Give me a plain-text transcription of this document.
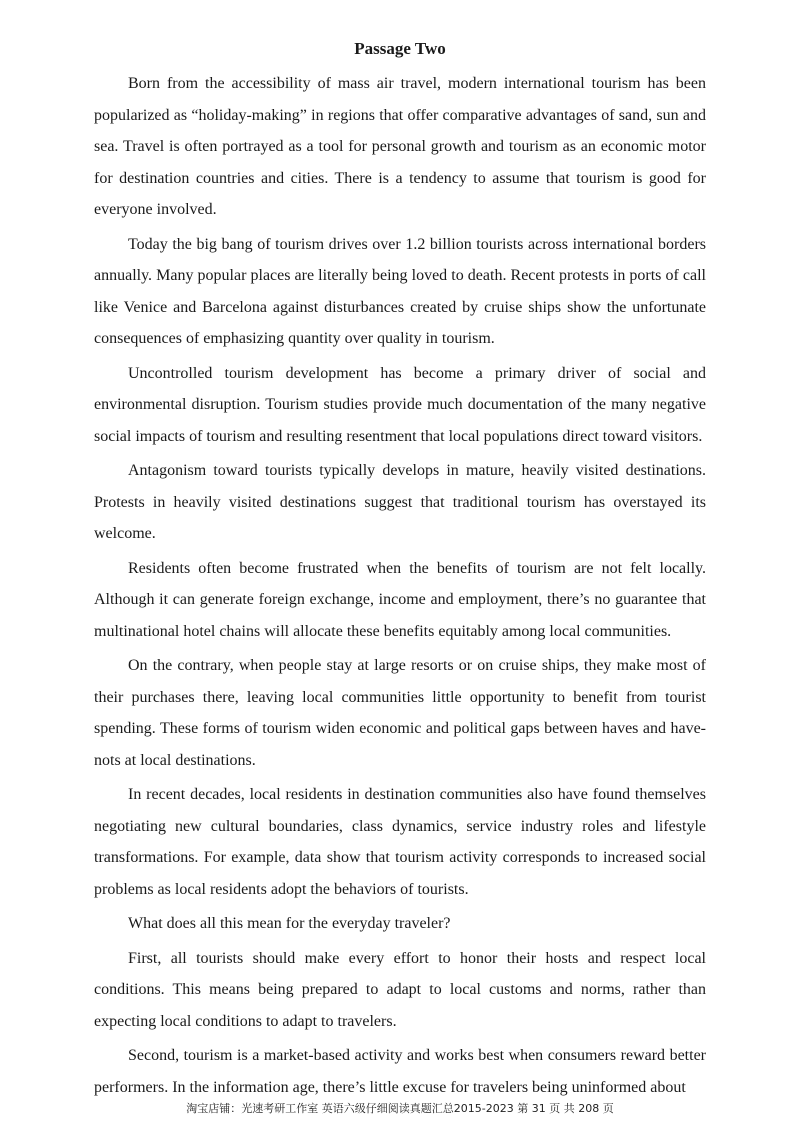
Passage Two

Born from the accessibility of mass air travel, modern international tourism has been popularized as “holiday-making” in regions that offer comparative advantages of sand, sun and sea. Travel is often portrayed as a tool for personal growth and tourism as an economic motor for destination countries and cities. There is a tendency to assume that tourism is good for everyone involved.

Today the big bang of tourism drives over 1.2 billion tourists across international borders annually. Many popular places are literally being loved to death. Recent protests in ports of call like Venice and Barcelona against disturbances created by cruise ships show the unfortunate consequences of emphasizing quantity over quality in tourism.

Uncontrolled tourism development has become a primary driver of social and environmental disruption. Tourism studies provide much documentation of the many negative social impacts of tourism and resulting resentment that local populations direct toward visitors.

Antagonism toward tourists typically develops in mature, heavily visited destinations. Protests in heavily visited destinations suggest that traditional tourism has overstayed its welcome.

Residents often become frustrated when the benefits of tourism are not felt locally. Although it can generate foreign exchange, income and employment, there’s no guarantee that multinational hotel chains will allocate these benefits equitably among local communities.

On the contrary, when people stay at large resorts or on cruise ships, they make most of their purchases there, leaving local communities little opportunity to benefit from tourist spending. These forms of tourism widen economic and political gaps between haves and have-nots at local destinations.

In recent decades, local residents in destination communities also have found themselves negotiating new cultural boundaries, class dynamics, service industry roles and lifestyle transformations. For example, data show that tourism activity corresponds to increased social problems as local residents adopt the behaviors of tourists.

What does all this mean for the everyday traveler?

First, all tourists should make every effort to honor their hosts and respect local conditions. This means being prepared to adapt to local customs and norms, rather than expecting local conditions to adapt to travelers.

Second, tourism is a market-based activity and works best when consumers reward better performers. In the information age, there’s little excuse for travelers being uninformed about

淘宝店铺：光速考研工作室 英语六级仔细阅读真题汇总2015-2023 第 31 页 共 208 页
